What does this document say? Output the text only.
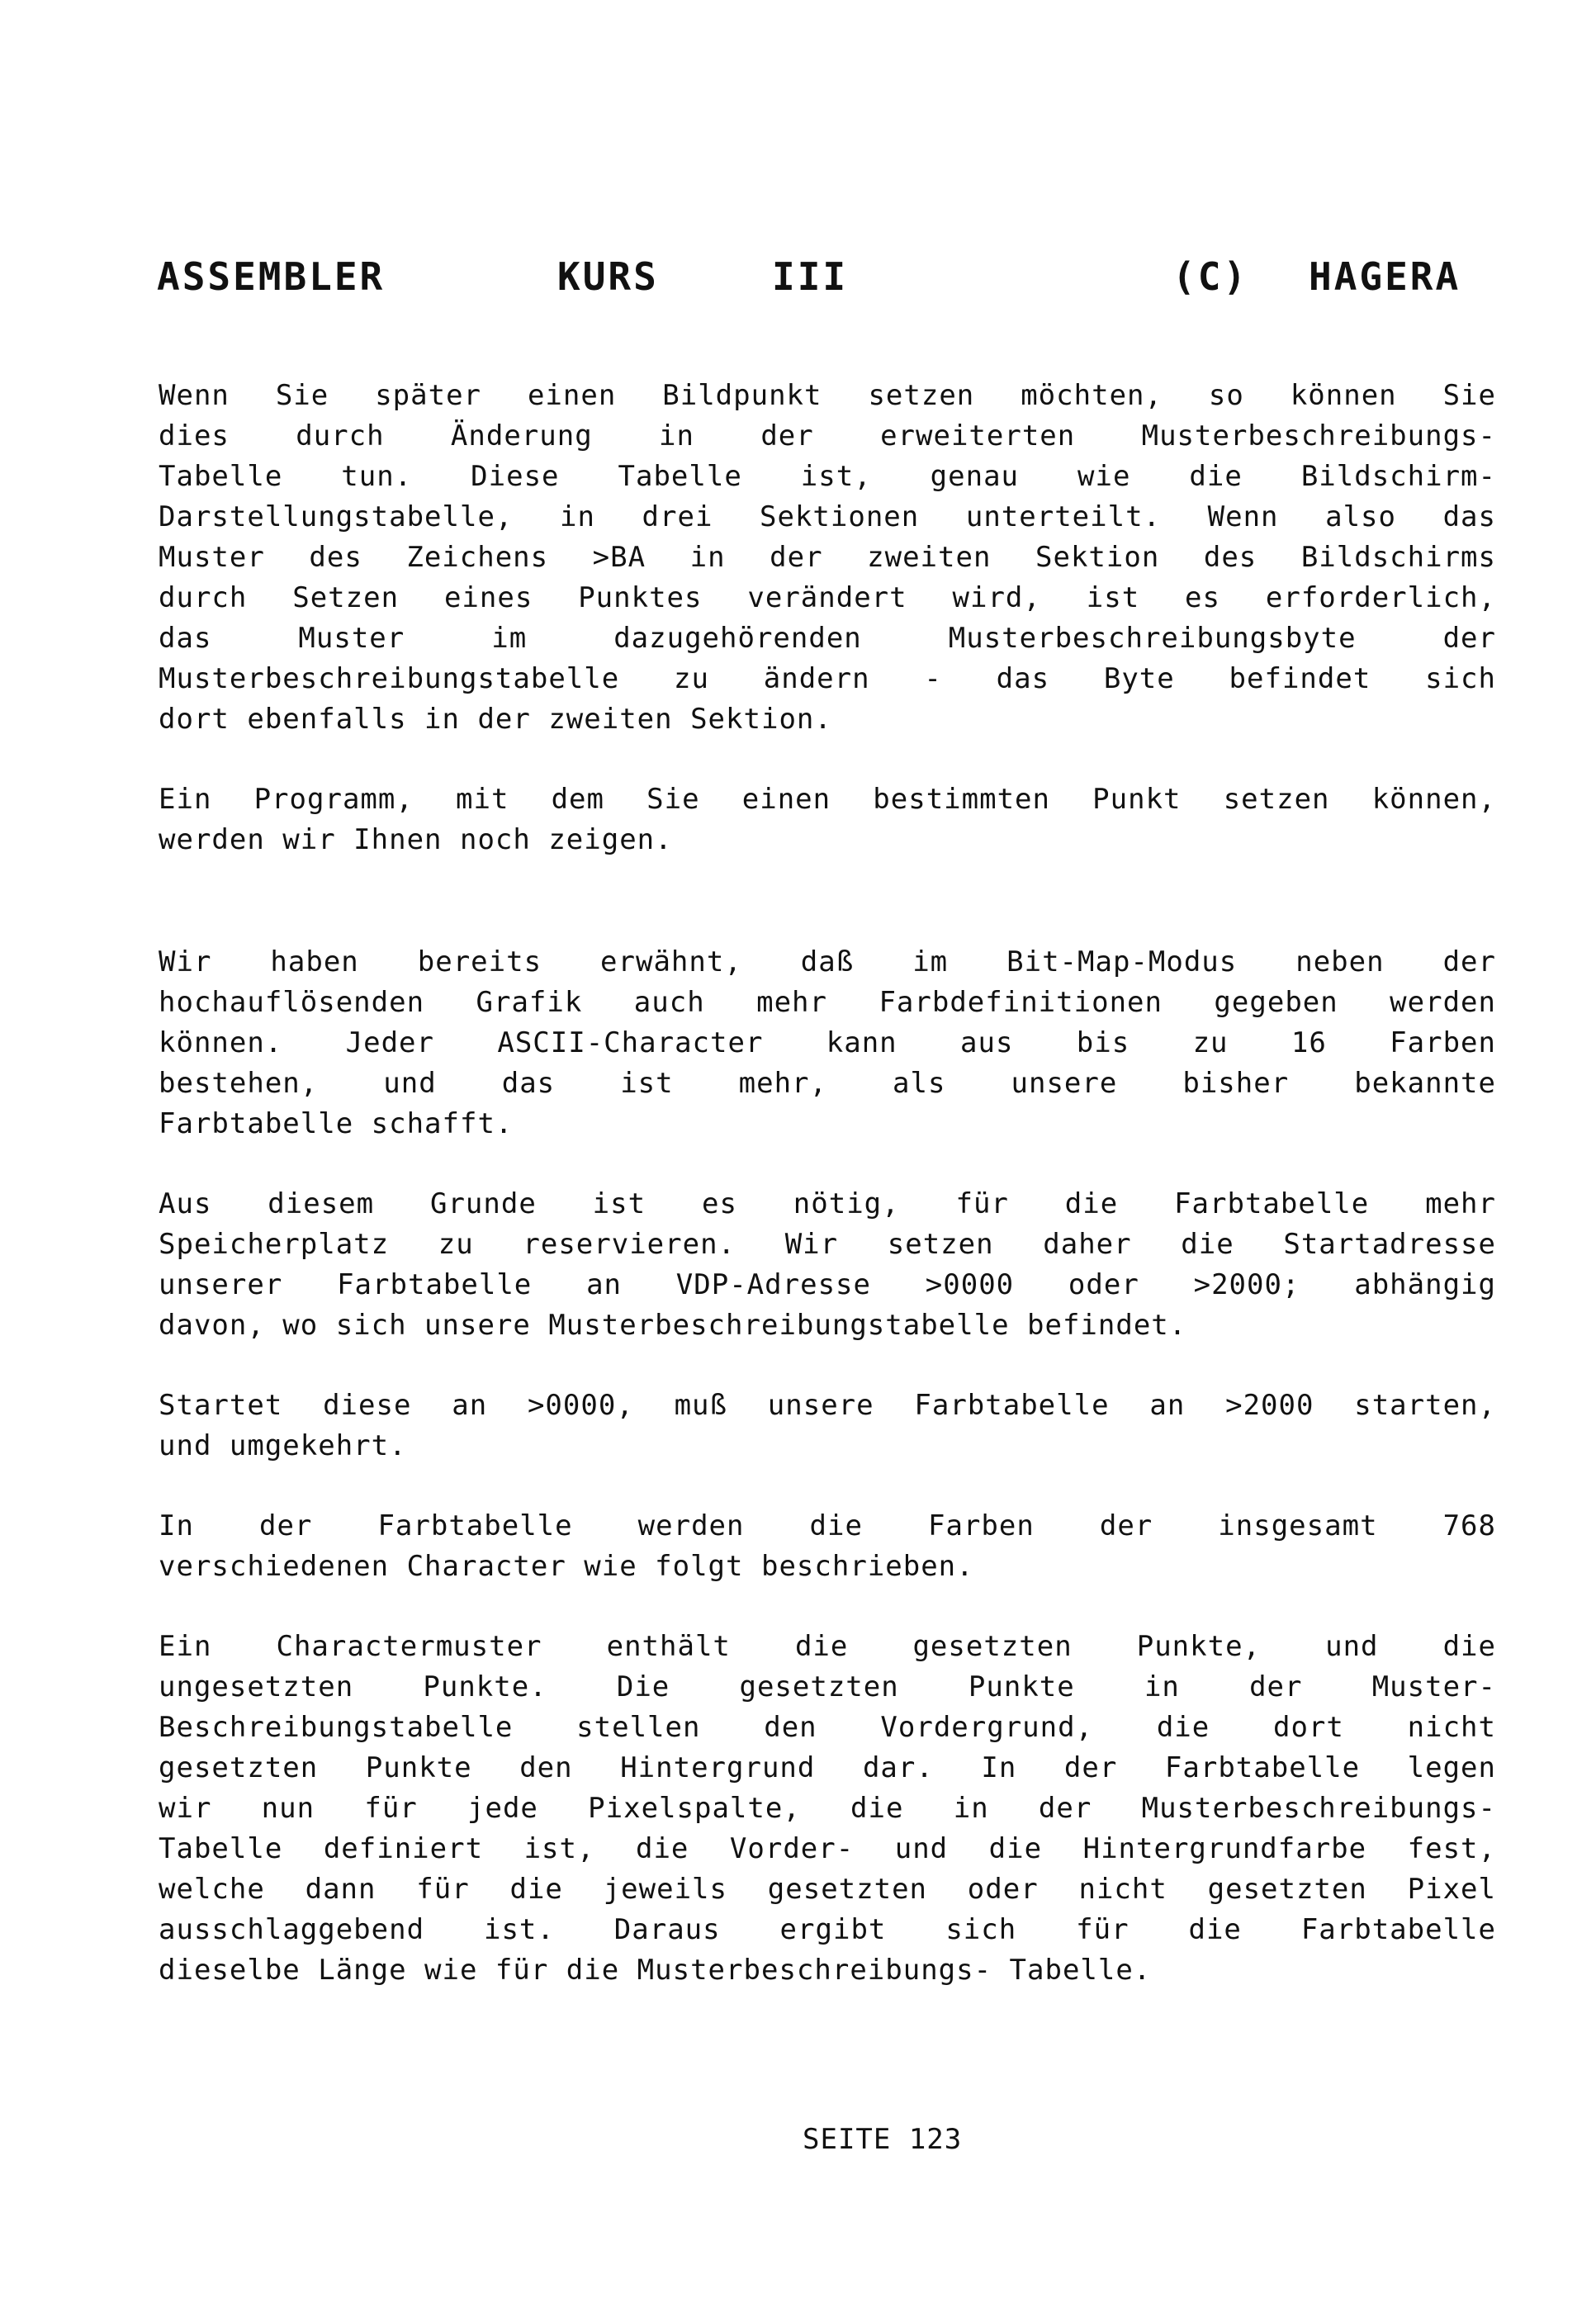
ASSEMBLER

	KURS

	III

	(C)

HAGERA

Wenn Sie später einen Bildpunkt setzen möchten, so können Sie
dies durch Änderung in der erweiterten Musterbeschreibungs-
Tabelle tun. Diese Tabelle ist, genau wie die Bildschirm-
Darstellungstabelle, in drei Sektionen unterteilt. Wenn also das
Muster des Zeichens >BA in der zweiten Sektion des Bildschirms
durch Setzen eines Punktes verändert wird, ist es erforderlich,
das Muster im dazugehörenden Musterbeschreibungsbyte der
Musterbeschreibungstabelle zu ändern - das Byte befindet sich
dort ebenfalls in der zweiten Sektion.

Ein Programm, mit dem Sie einen bestimmten Punkt setzen können,
werden wir Ihnen noch zeigen.

Wir haben bereits erwähnt, daß im Bit-Map-Modus neben der
hochauflösenden Grafik auch mehr Farbdefinitionen gegeben werden
können. Jeder ASCII-Character kann aus bis zu 16 Farben
bestehen, und das ist mehr, als unsere bisher bekannte
Farbtabelle schafft.

Aus diesem Grunde ist es nötig, für die Farbtabelle mehr
Speicherplatz zu reservieren. Wir setzen daher die Startadresse
unserer Farbtabelle an VDP-Adresse >0000 oder >2000; abhängig
davon, wo sich unsere Musterbeschreibungstabelle befindet.

Startet diese an >0000, muß unsere Farbtabelle an >2000 starten,
und umgekehrt.

In der Farbtabelle werden die Farben der insgesamt 768
verschiedenen Character wie folgt beschrieben.

Ein Charactermuster enthält die gesetzten Punkte, und die
ungesetzten Punkte. Die gesetzten Punkte in der Muster-
Beschreibungstabelle stellen den Vordergrund, die dort nicht
gesetzten Punkte den Hintergrund dar. In der Farbtabelle legen
wir nun für jede Pixelspalte, die in der Musterbeschreibungs-
Tabelle definiert ist, die Vorder- und die Hintergrundfarbe fest,
welche dann für die jeweils gesetzten oder nicht gesetzten Pixel
ausschlaggebend ist. Daraus ergibt sich für die Farbtabelle
dieselbe Länge wie für die Musterbeschreibungs- Tabelle.

SEITE 123
